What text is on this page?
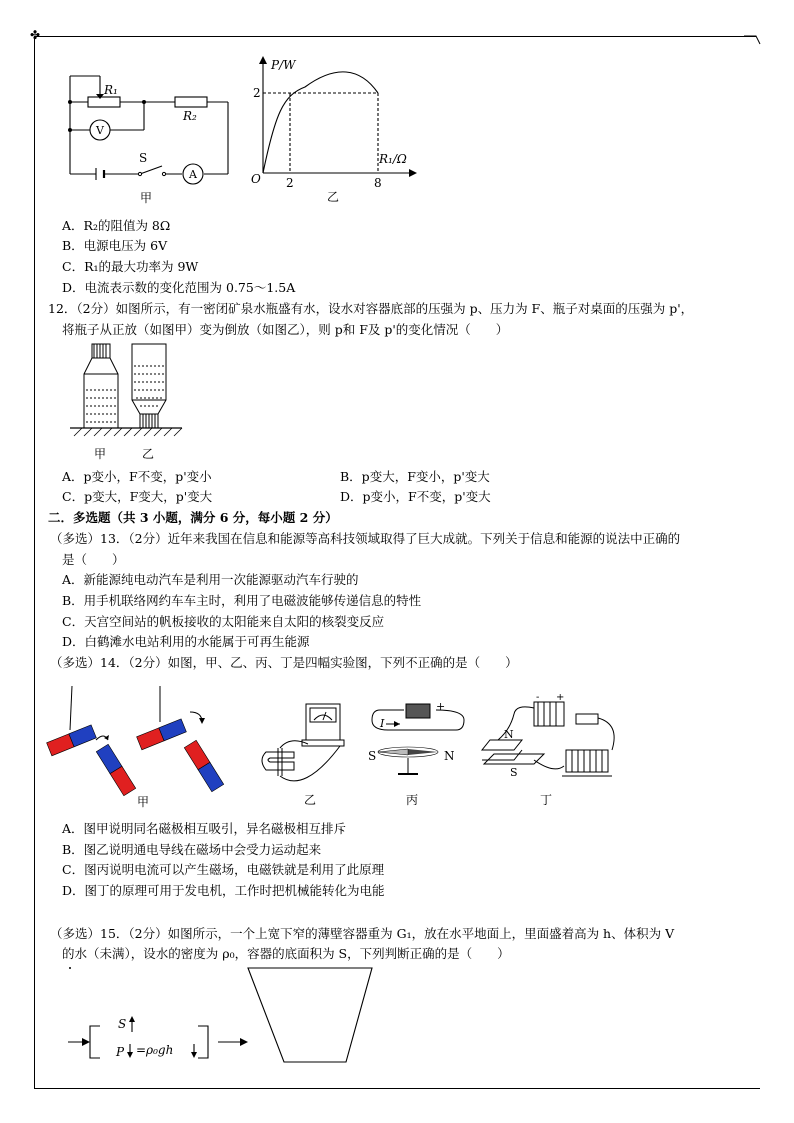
✤
R₁
R₂
V
S
A
甲
P/W
R₁/Ω
O
2
2	8
乙
A．R₂的阻值为 8Ω
B．电源电压为 6V
C．R₁的最大功率为 9W
D．电流表示数的变化范围为 0.75～1.5A
12．（2分）如图所示，有一密闭矿泉水瓶盛有水，设水对容器底部的压强为 p、压力为 F、瓶子对桌面的压强为 p'，
将瓶子从正放（如图甲）变为倒放（如图乙），则 p和 F及 p'的变化情况（　　）
甲	乙
A．p变小，F不变，p'变小	B．p变大，F变小，p'变大
C．p变大，F变大，p'变大	D．p变小，F不变，p'变大
二．多选题（共 3 小题，满分 6 分，每小题 2 分）
（多选）13．（2分）近年来我国在信息和能源等高科技领域取得了巨大成就。下列关于信息和能源的说法中正确的
是（　　）
A．新能源纯电动汽车是利用一次能源驱动汽车行驶的
B．用手机联络网约车车主时，利用了电磁波能够传递信息的特性
C．天宫空间站的帆板接收的太阳能来自太阳的核裂变反应
D．白鹤滩水电站利用的水能属于可再生能源
（多选）14．（2分）如图，甲、乙、丙、丁是四幅实验图，下列不正确的是（　　）
甲	乙
I
+
S	N
丙
- +
N
S
丁
A．图甲说明同名磁极相互吸引，异名磁极相互排斥
B．图乙说明通电导线在磁场中会受力运动起来
C．图丙说明电流可以产生磁场，电磁铁就是利用了此原理
D．图丁的原理可用于发电机，工作时把机械能转化为电能
（多选）15．（2分）如图所示，一个上宽下窄的薄壁容器重为 G₁，放在水平地面上，里面盛着高为 h、体积为 V
的水（未满），设水的密度为 ρ₀，容器的底面积为 S，下列判断正确的是（　　）
S
P =ρ₀gh
